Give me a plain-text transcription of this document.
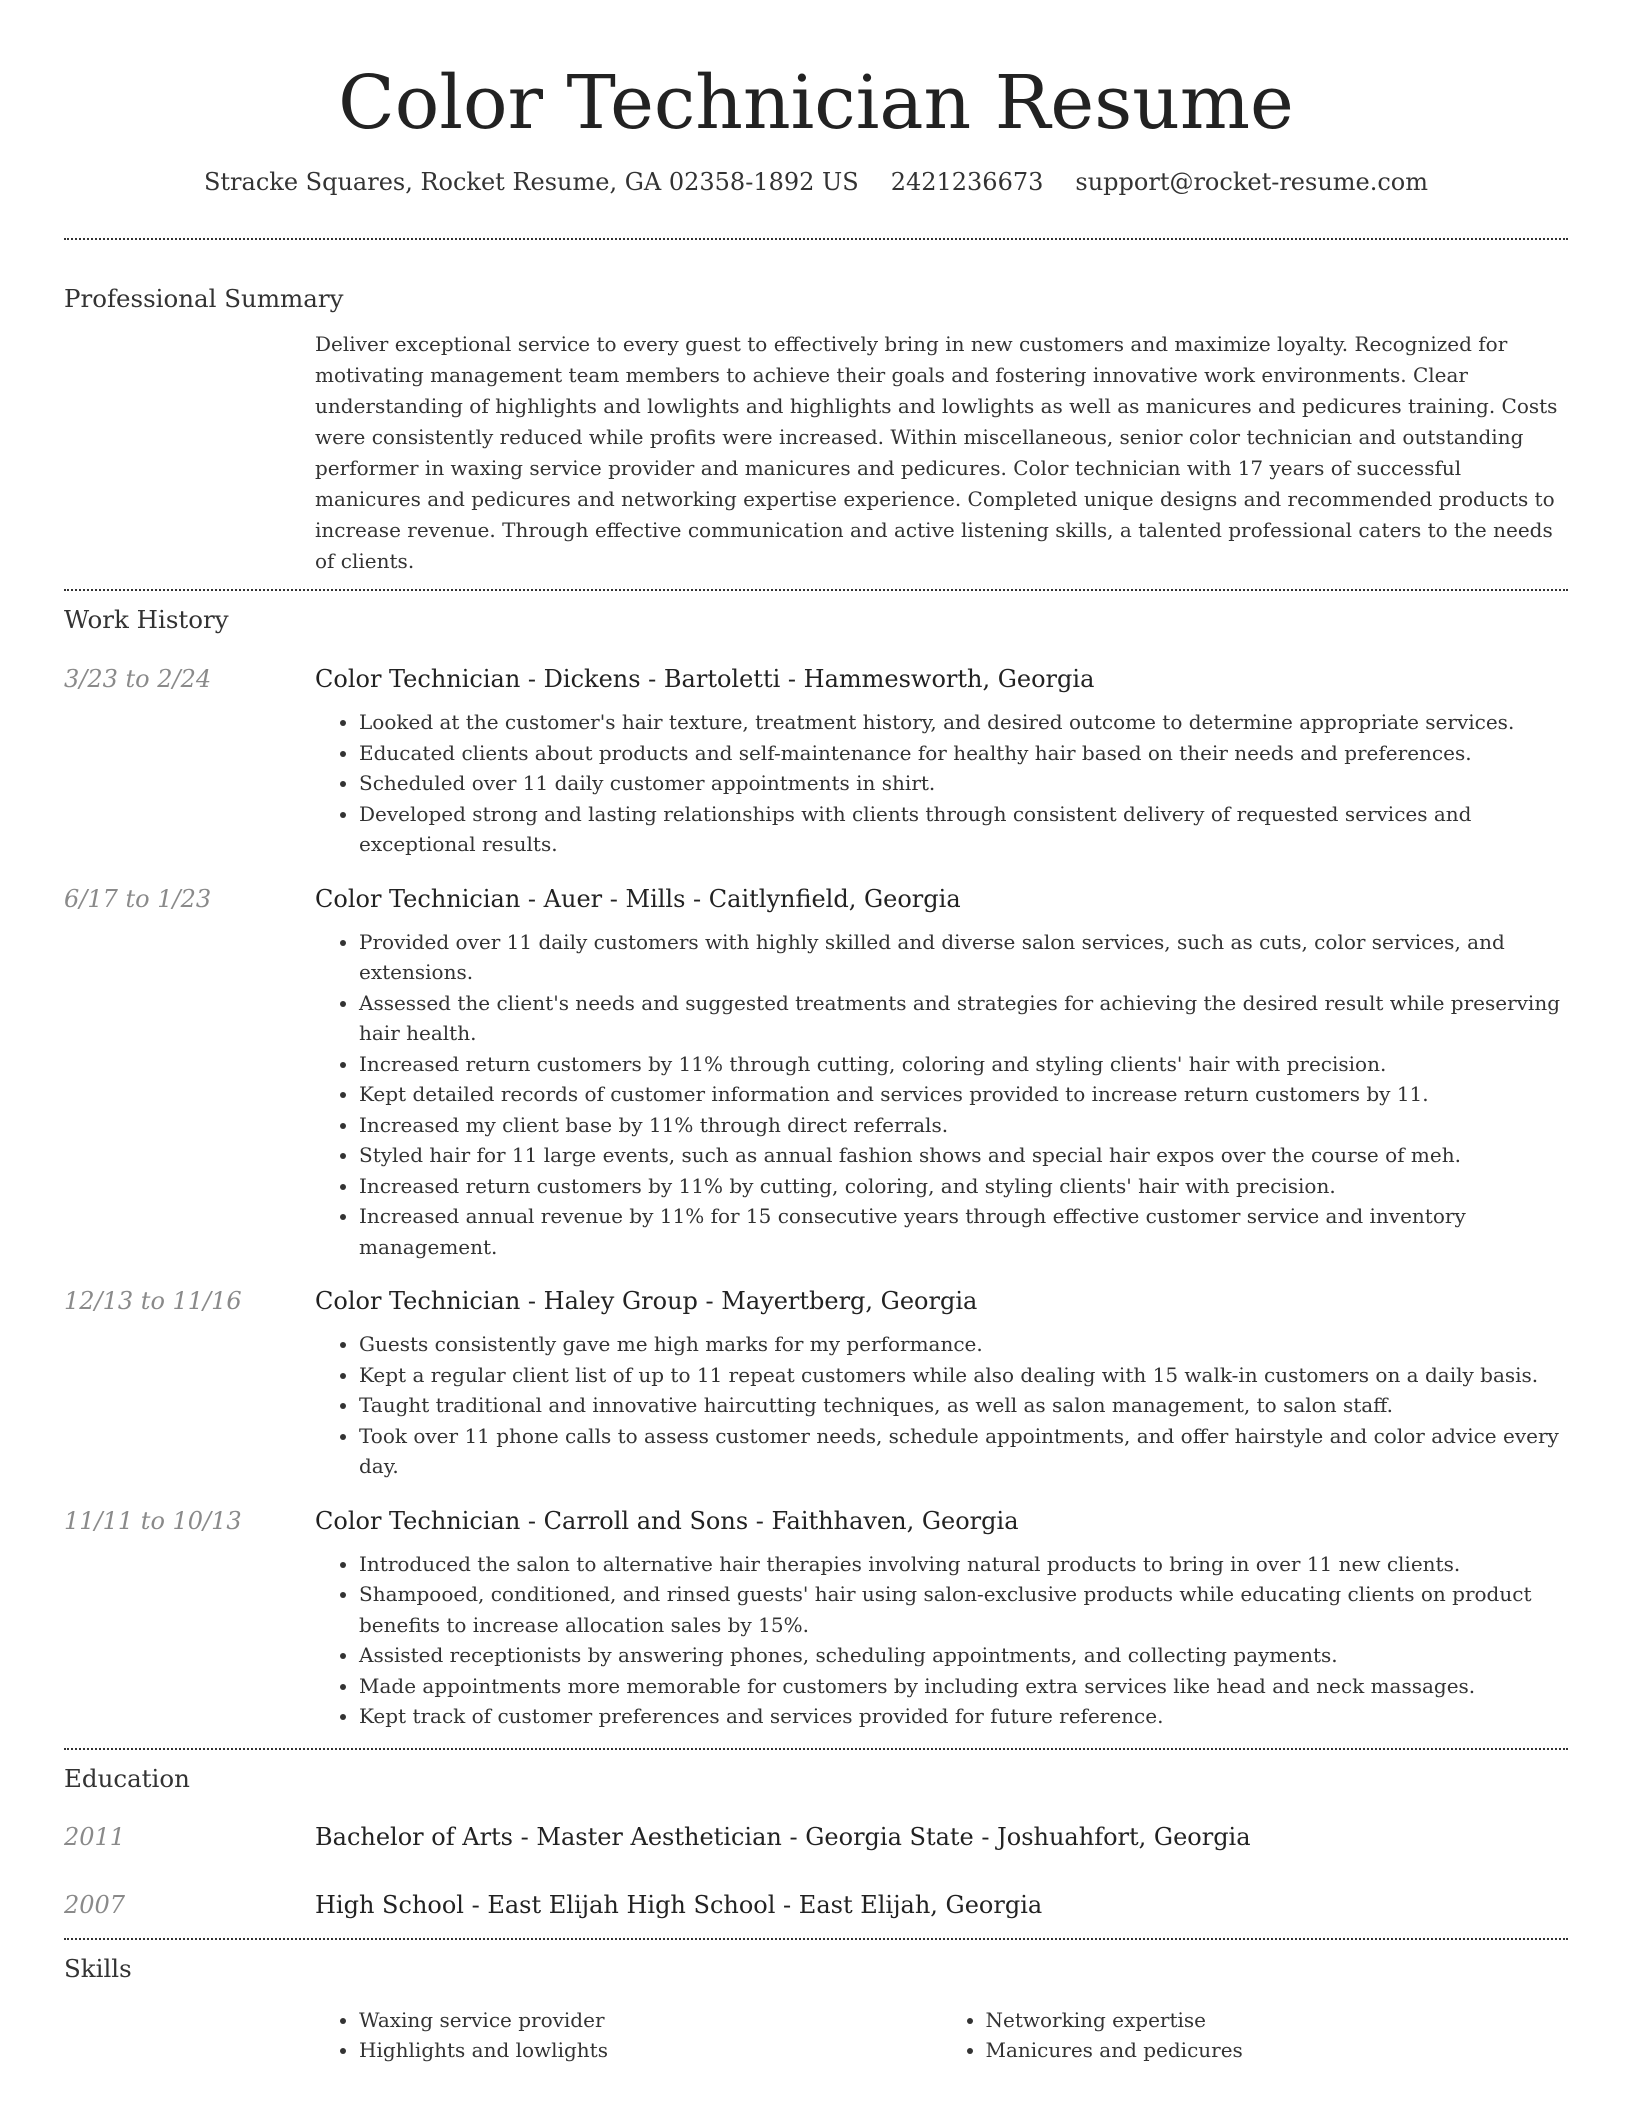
Color Technician Resume
Stracke Squares, Rocket Resume, GA 02358-1892 US 2421236673 support@rocket-resume.com
Professional Summary
Deliver exceptional service to every guest to effectively bring in new customers and maximize loyalty. Recognized for motivating management team members to achieve their goals and fostering innovative work environments. Clear understanding of highlights and lowlights and highlights and lowlights as well as manicures and pedicures training. Costs were consistently reduced while profits were increased. Within miscellaneous, senior color technician and outstanding performer in waxing service provider and manicures and pedicures. Color technician with 17 years of successful manicures and pedicures and networking expertise experience. Completed unique designs and recommended products to increase revenue. Through effective communication and active listening skills, a talented professional caters to the needs of clients.
Work History
3/23 to 2/24	Color Technician - Dickens - Bartoletti - Hammesworth, Georgia
• Looked at the customer's hair texture, treatment history, and desired outcome to determine appropriate services.
• Educated clients about products and self-maintenance for healthy hair based on their needs and preferences.
• Scheduled over 11 daily customer appointments in shirt.
• Developed strong and lasting relationships with clients through consistent delivery of requested services and exceptional results.
6/17 to 1/23	Color Technician - Auer - Mills - Caitlynfield, Georgia
• Provided over 11 daily customers with highly skilled and diverse salon services, such as cuts, color services, and extensions.
• Assessed the client's needs and suggested treatments and strategies for achieving the desired result while preserving hair health.
• Increased return customers by 11% through cutting, coloring and styling clients' hair with precision.
• Kept detailed records of customer information and services provided to increase return customers by 11.
• Increased my client base by 11% through direct referrals.
• Styled hair for 11 large events, such as annual fashion shows and special hair expos over the course of meh.
• Increased return customers by 11% by cutting, coloring, and styling clients' hair with precision.
• Increased annual revenue by 11% for 15 consecutive years through effective customer service and inventory management.
12/13 to 11/16	Color Technician - Haley Group - Mayertberg, Georgia
• Guests consistently gave me high marks for my performance.
• Kept a regular client list of up to 11 repeat customers while also dealing with 15 walk-in customers on a daily basis.
• Taught traditional and innovative haircutting techniques, as well as salon management, to salon staff.
• Took over 11 phone calls to assess customer needs, schedule appointments, and offer hairstyle and color advice every day.
11/11 to 10/13	Color Technician - Carroll and Sons - Faithhaven, Georgia
• Introduced the salon to alternative hair therapies involving natural products to bring in over 11 new clients.
• Shampooed, conditioned, and rinsed guests' hair using salon-exclusive products while educating clients on product benefits to increase allocation sales by 15%.
• Assisted receptionists by answering phones, scheduling appointments, and collecting payments.
• Made appointments more memorable for customers by including extra services like head and neck massages.
• Kept track of customer preferences and services provided for future reference.
Education
2011	Bachelor of Arts - Master Aesthetician - Georgia State - Joshuahfort, Georgia
2007	High School - East Elijah High School - East Elijah, Georgia
Skills
• Waxing service provider
• Highlights and lowlights
• Networking expertise
• Manicures and pedicures
